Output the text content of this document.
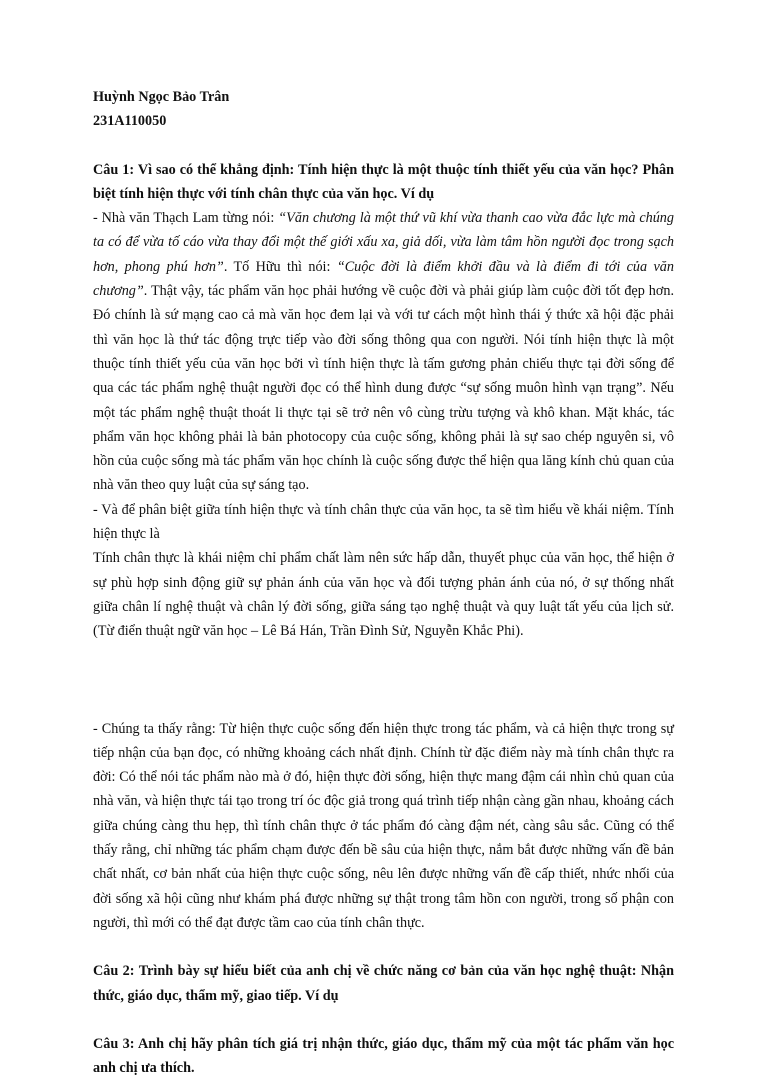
Huỳnh Ngọc Bảo Trân

231A110050

Câu 1: Vì sao có thể khẳng định: Tính hiện thực là một thuộc tính thiết yếu của văn học? Phân biệt tính hiện thực với tính chân thực của văn học. Ví dụ

- Nhà văn Thạch Lam từng nói: “Văn chương là một thứ vũ khí vừa thanh cao vừa đắc lực mà chúng ta có để vừa tố cáo vừa thay đổi một thế giới xấu xa, giả dối, vừa làm tâm hồn người đọc trong sạch hơn, phong phú hơn”. Tố Hữu thì nói: “Cuộc đời là điểm khởi đầu và là điểm đi tới của văn chương”. Thật vậy, tác phẩm văn học phải hướng về cuộc đời và phải giúp làm cuộc đời tốt đẹp hơn. Đó chính là sứ mạng cao cả mà văn học đem lại và với tư cách một hình thái ý thức xã hội đặc phải thì văn học là thứ tác động trực tiếp vào đời sống thông qua con người. Nói tính hiện thực là một thuộc tính thiết yếu của văn học bởi vì tính hiện thực là tấm gương phản chiếu thực tại đời sống để qua các tác phẩm nghệ thuật người đọc có thể hình dung được “sự sống muôn hình vạn trạng”. Nếu một tác phẩm nghệ thuật thoát li thực tại sẽ trở nên vô cùng trừu tượng và khô khan. Mặt khác, tác phẩm văn học không phải là bản photocopy của cuộc sống, không phải là sự sao chép nguyên si, vô hồn của cuộc sống mà tác phẩm văn học chính là cuộc sống được thể hiện qua lăng kính chủ quan của nhà văn theo quy luật của sự sáng tạo.

- Và để phân biệt giữa tính hiện thực và tính chân thực của văn học, ta sẽ tìm hiểu về khái niệm. Tính hiện thực là

Tính chân thực là khái niệm chỉ phẩm chất làm nên sức hấp dẫn, thuyết phục của văn học, thể hiện ở sự phù hợp sinh động giữ sự phản ánh của văn học và đối tượng phản ánh của nó, ở sự thống nhất giữa chân lí nghệ thuật và chân lý đời sống, giữa sáng tạo nghệ thuật và quy luật tất yếu của lịch sử. (Từ điển thuật ngữ văn học – Lê Bá Hán, Trần Đình Sử, Nguyễn Khắc Phi).

- Chúng ta thấy rằng: Từ hiện thực cuộc sống đến hiện thực trong tác phẩm, và cả hiện thực trong sự tiếp nhận của bạn đọc, có những khoảng cách nhất định. Chính từ đặc điểm này mà tính chân thực ra đời: Có thể nói tác phẩm nào mà ở đó, hiện thực đời sống, hiện thực mang đậm cái nhìn chủ quan của nhà văn, và hiện thực tái tạo trong trí óc độc giả trong quá trình tiếp nhận càng gần nhau, khoảng cách giữa chúng càng thu hẹp, thì tính chân thực ở tác phẩm đó càng đậm nét, càng sâu sắc. Cũng có thể thấy rằng, chỉ những tác phẩm chạm được đến bề sâu của hiện thực, nắm bắt được những vấn đề bản chất nhất, cơ bản nhất của hiện thực cuộc sống, nêu lên được những vấn đề cấp thiết, nhức nhối của đời sống xã hội cũng như khám phá được những sự thật trong tâm hồn con người, trong số phận con người, thì mới có thể đạt được tầm cao của tính chân thực.

Câu 2: Trình bày sự hiểu biết của anh chị về chức năng cơ bản của văn học nghệ thuật: Nhận thức, giáo dục, thẩm mỹ, giao tiếp. Ví dụ

Câu 3: Anh chị hãy phân tích giá trị nhận thức, giáo dục, thẩm mỹ của một tác phẩm văn học anh chị ưa thích.
